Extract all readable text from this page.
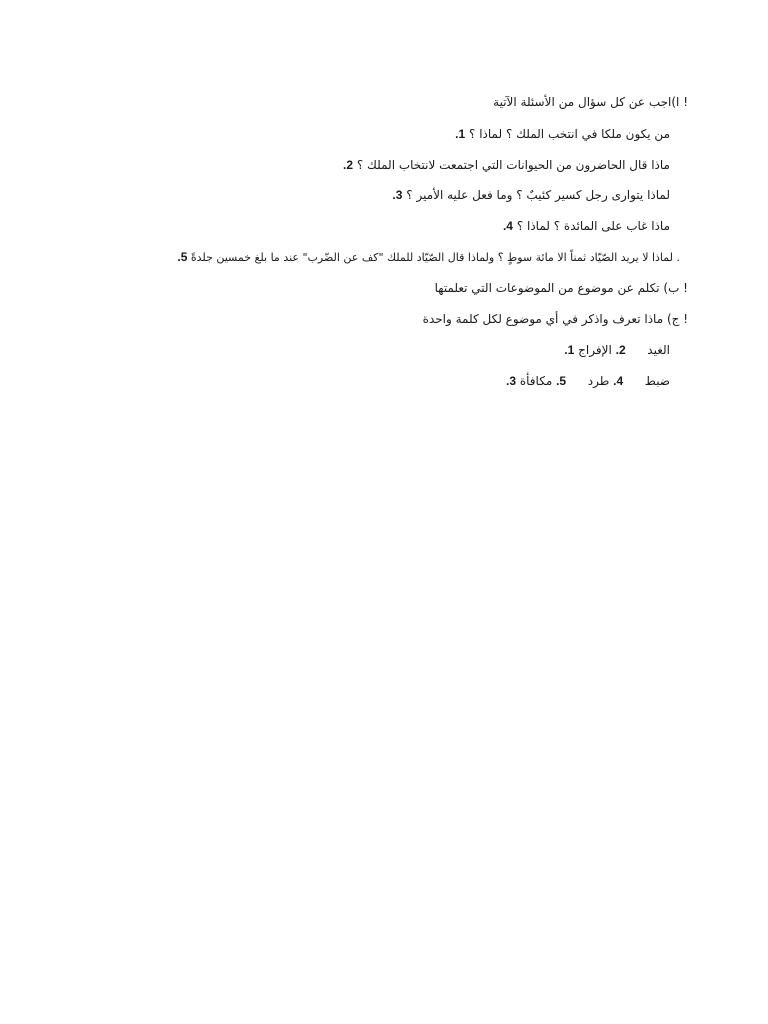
! ا)اجب عن كل سؤال من الأسئلة الآتية
من يكون ملكا في انتخب الملك ؟ لماذا ؟ 1.
ماذا قال الحاضرون من الحيوانات التي اجتمعت لانتخاب الملك ؟ 2.
لماذا يتوارى رجل كسير كئيبٌ ؟ وما فعل عليه الأمير ؟ 3.
ماذا غاب على المائدة ؟ لماذا ؟ 4.
. لماذا لا يريد الصّيّاد ثمناً الا مائة سوطٍ ؟ ولماذا قال الصّيّاد للملك "كف عن الضّرب" عند ما بلغ خمسين جلدةً 5.
! ب) تكلم عن موضوع من الموضوعات التي تعلمتها
! ج) ماذا تعرف واذكر في أي موضوع لكل كلمة واحدة
الغيد  2. الإفراج 1.
ضبط  4. طرد  5. مكافأة 3.
